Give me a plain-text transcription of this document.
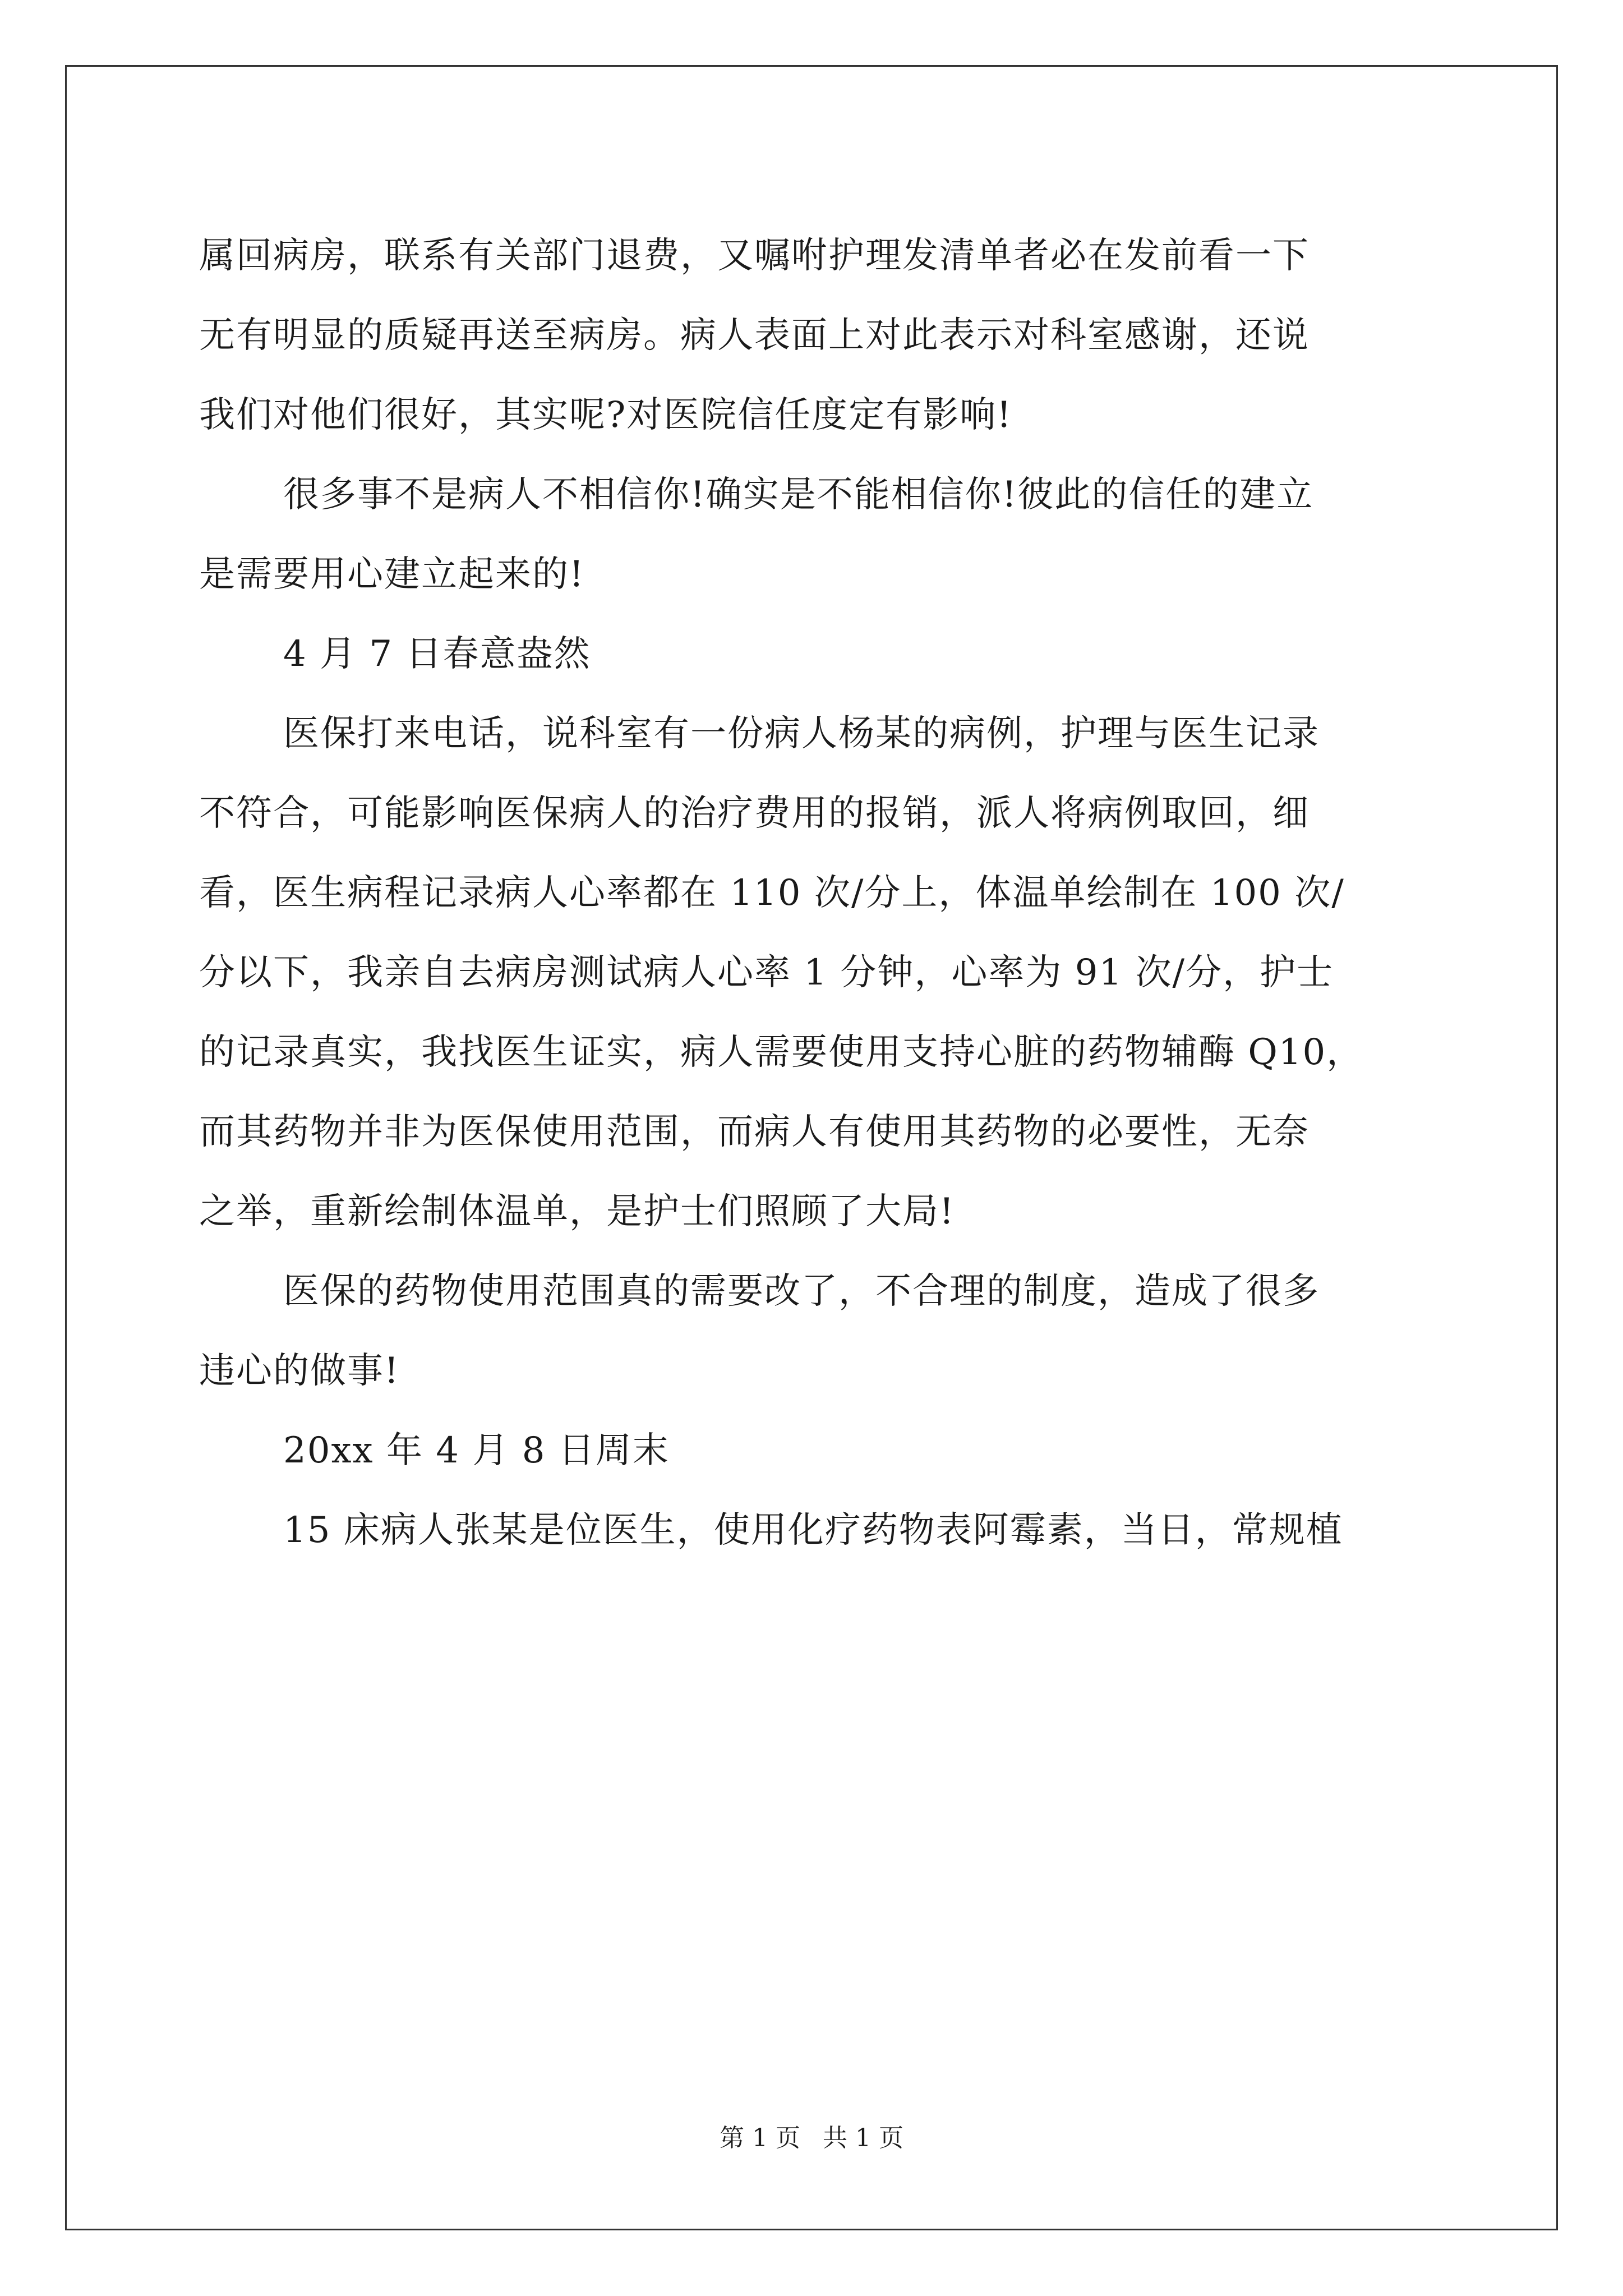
属回病房，联系有关部门退费，又嘱咐护理发清单者必在发前看一下

无有明显的质疑再送至病房。病人表面上对此表示对科室感谢，还说

我们对他们很好，其实呢?对医院信任度定有影响!

很多事不是病人不相信你!确实是不能相信你!彼此的信任的建立

是需要用心建立起来的!

4 月 7 日春意盎然

医保打来电话，说科室有一份病人杨某的病例，护理与医生记录

不符合，可能影响医保病人的治疗费用的报销，派人将病例取回，细

看，医生病程记录病人心率都在 110 次/分上，体温单绘制在 100 次/

分以下，我亲自去病房测试病人心率 1 分钟，心率为 91 次/分，护士

的记录真实，我找医生证实，病人需要使用支持心脏的药物辅酶 Q10，

而其药物并非为医保使用范围，而病人有使用其药物的必要性，无奈

之举，重新绘制体温单，是护士们照顾了大局!

医保的药物使用范围真的需要改了，不合理的制度，造成了很多

违心的做事!

20xx 年 4 月 8 日周末

15 床病人张某是位医生，使用化疗药物表阿霉素，当日，常规植

第 1 页 共 1 页
